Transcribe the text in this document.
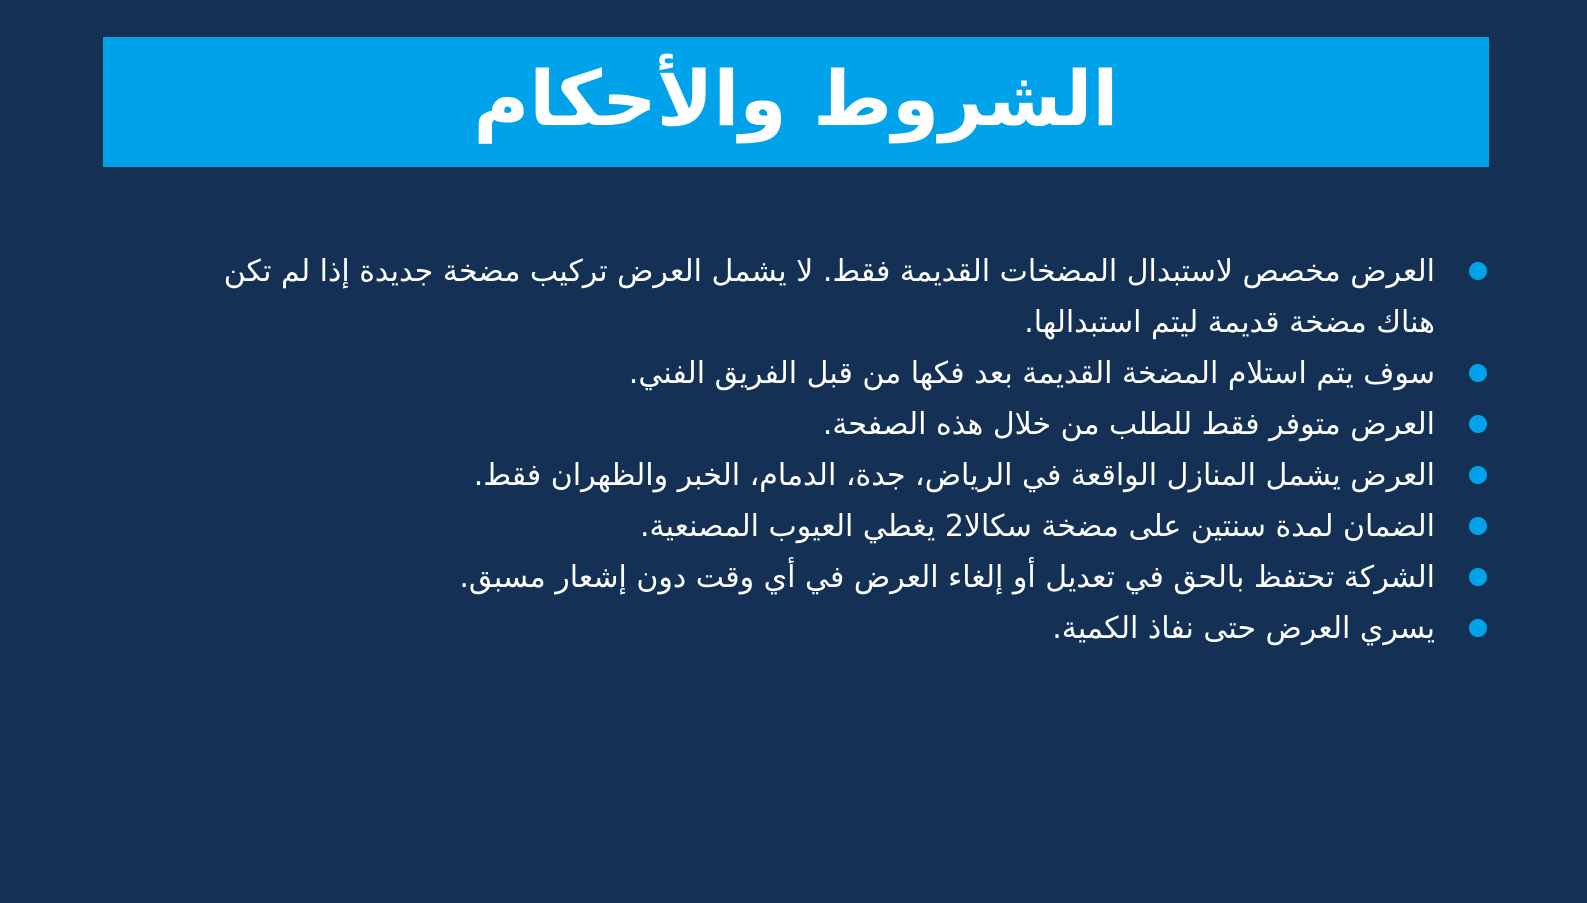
الشروط والأحكام
العرض مخصص لاستبدال المضخات القديمة فقط. لا يشمل العرض تركيب مضخة جديدة إذا لم تكن هناك مضخة قديمة ليتم استبدالها.
سوف يتم استلام المضخة القديمة بعد فكها من قبل الفريق الفني.
العرض متوفر فقط للطلب من خلال هذه الصفحة.
العرض يشمل المنازل الواقعة في الرياض، جدة، الدمام، الخبر والظهران فقط.
الضمان لمدة سنتين على مضخة سكالا2 يغطي العيوب المصنعية.
الشركة تحتفظ بالحق في تعديل أو إلغاء العرض في أي وقت دون إشعار مسبق.
يسري العرض حتى نفاذ الكمية.
